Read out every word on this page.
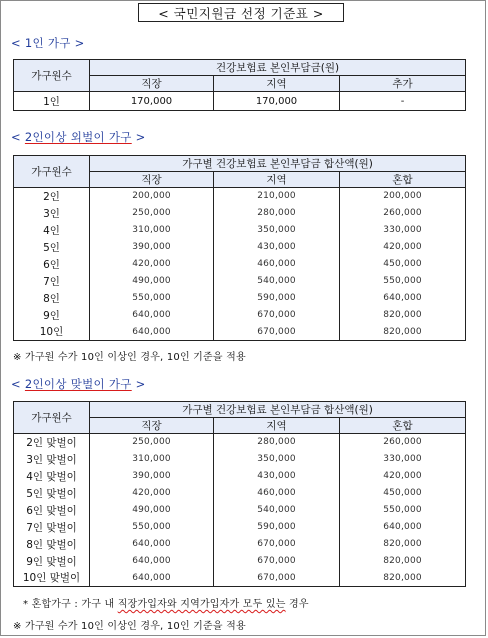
< 국민지원금 선정 기준표 >
< 1인 가구 >
가구원수	건강보험료 본인부담금(원)		
	직장	지역	추가
1인	170,000	170,000	-
< 2인이상 외벌이 가구 >
가구원수	가구별 건강보험료 본인부담금 합산액(원)		
	직장	지역	혼합
2인	200,000	210,000	200,000
3인	250,000	280,000	260,000
4인	310,000	350,000	330,000
5인	390,000	430,000	420,000
6인	420,000	460,000	450,000
7인	490,000	540,000	550,000
8인	550,000	590,000	640,000
9인	640,000	670,000	820,000
10인	640,000	670,000	820,000
※ 가구원 수가 10인 이상인 경우, 10인 기준을 적용
< 2인이상 맞벌이 가구 >
가구원수	가구별 건강보험료 본인부담금 합산액(원)		
	직장	지역	혼합
2인 맞벌이	250,000	280,000	260,000
3인 맞벌이	310,000	350,000	330,000
4인 맞벌이	390,000	430,000	420,000
5인 맞벌이	420,000	460,000	450,000
6인 맞벌이	490,000	540,000	550,000
7인 맞벌이	550,000	590,000	640,000
8인 맞벌이	640,000	670,000	820,000
9인 맞벌이	640,000	670,000	820,000
10인 맞벌이	640,000	670,000	820,000
* 혼합가구 : 가구 내 직장가입자와 지역가입자가 모두 있는 경우
※ 가구원 수가 10인 이상인 경우, 10인 기준을 적용
